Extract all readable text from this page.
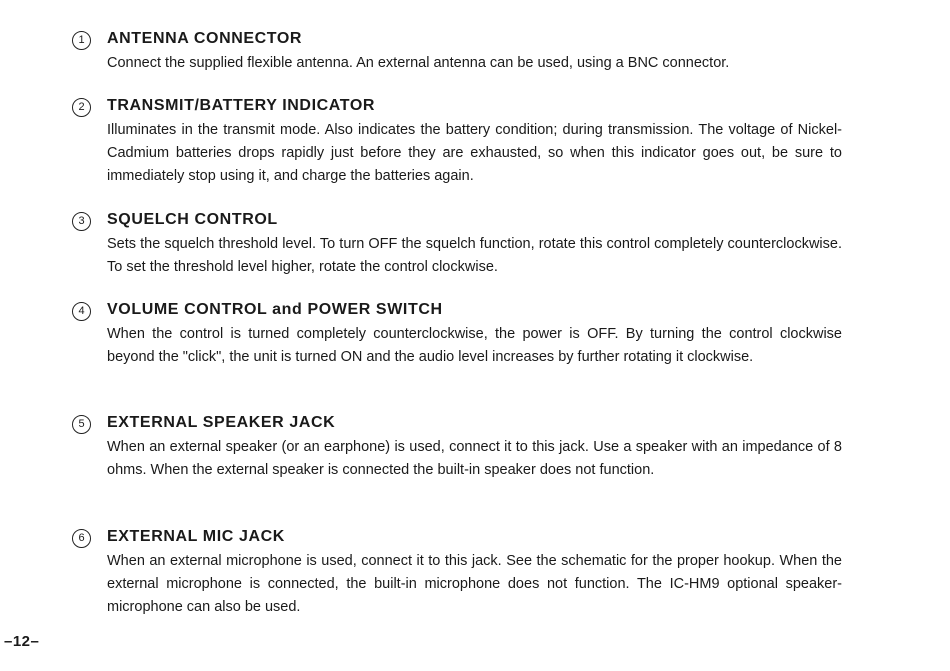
1	ANTENNA CONNECTOR
Connect the supplied flexible antenna. An external antenna can be used, using a BNC connector.
2	TRANSMIT/BATTERY INDICATOR
Illuminates in the transmit mode. Also indicates the battery condition; during transmission. The voltage of Nickel-Cadmium batteries drops rapidly just before they are exhausted, so when this indicator goes out, be sure to immediately stop using it, and charge the batteries again.
3	SQUELCH CONTROL
Sets the squelch threshold level. To turn OFF the squelch function, rotate this control completely counterclockwise. To set the threshold level higher, rotate the control clockwise.
4	VOLUME CONTROL and POWER SWITCH
When the control is turned completely counterclockwise, the power is OFF. By turning the control clockwise beyond the "click", the unit is turned ON and the audio level increases by further rotating it clockwise.
5	EXTERNAL SPEAKER JACK
When an external speaker (or an earphone) is used, connect it to this jack. Use a speaker with an impedance of 8 ohms. When the external speaker is connected the built-in speaker does not function.
6	EXTERNAL MIC JACK
When an external microphone is used, connect it to this jack. See the schematic for the proper hookup. When the external microphone is connected, the built-in microphone does not function. The IC-HM9 optional speaker-microphone can also be used.
–12–
